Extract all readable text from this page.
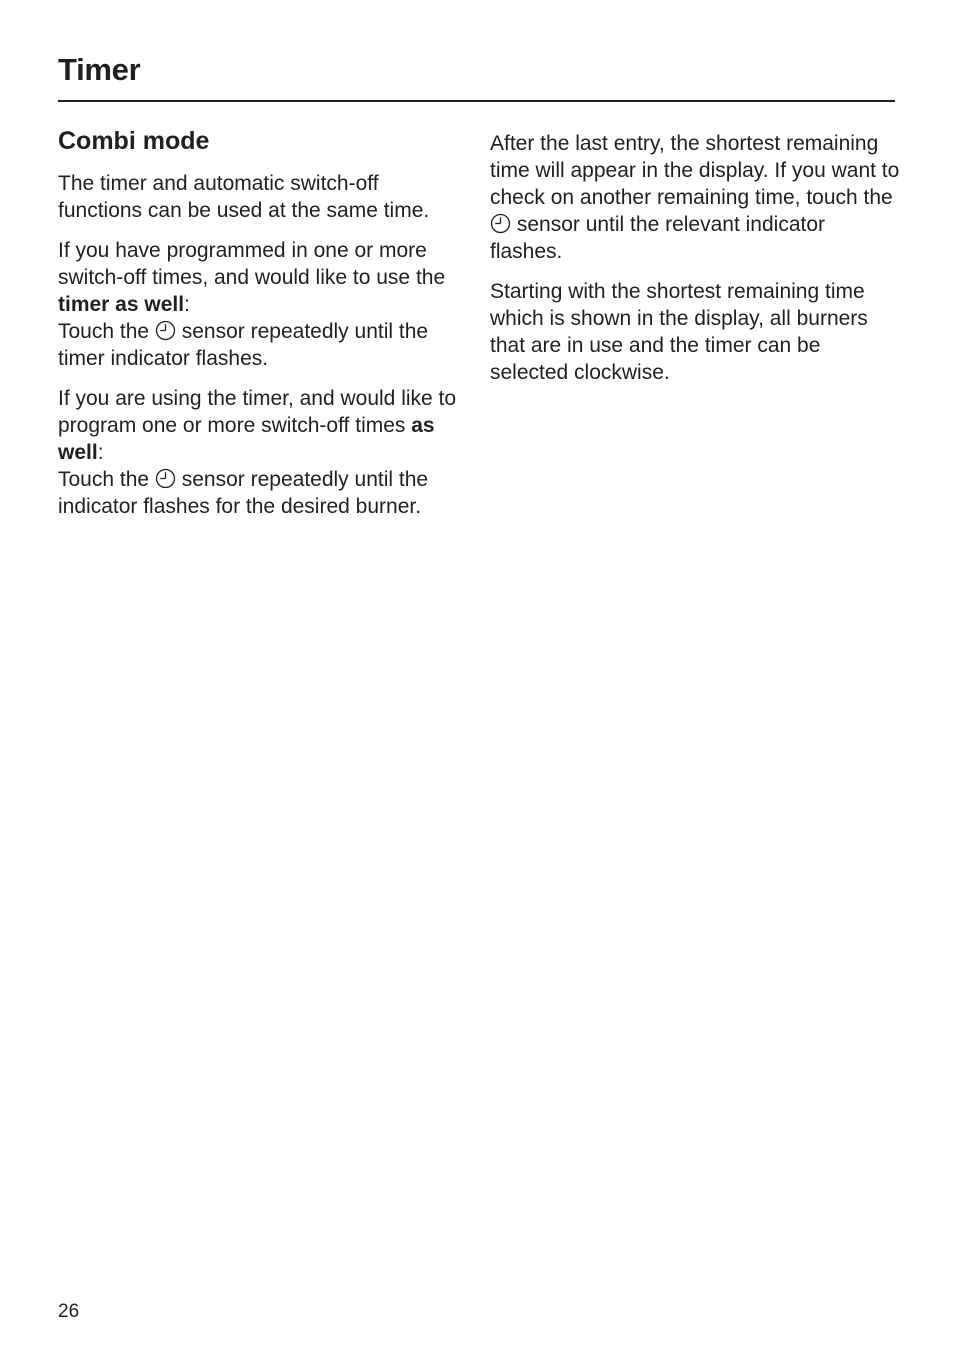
Timer
Combi mode

The timer and automatic switch-off functions can be used at the same time.

If you have programmed in one or more switch-off times, and would like to use the timer as well:
Touch the
sensor repeatedly until the timer indicator flashes.

If you are using the timer, and would like to program one or more switch-off times as well:
Touch the
sensor repeatedly until the indicator flashes for the desired burner.

After the last entry, the shortest remaining time will appear in the display. If you want to check on another remaining time, touch the
sensor until the relevant indicator flashes.

Starting with the shortest remaining time which is shown in the display, all burners that are in use and the timer can be selected clockwise.

26
